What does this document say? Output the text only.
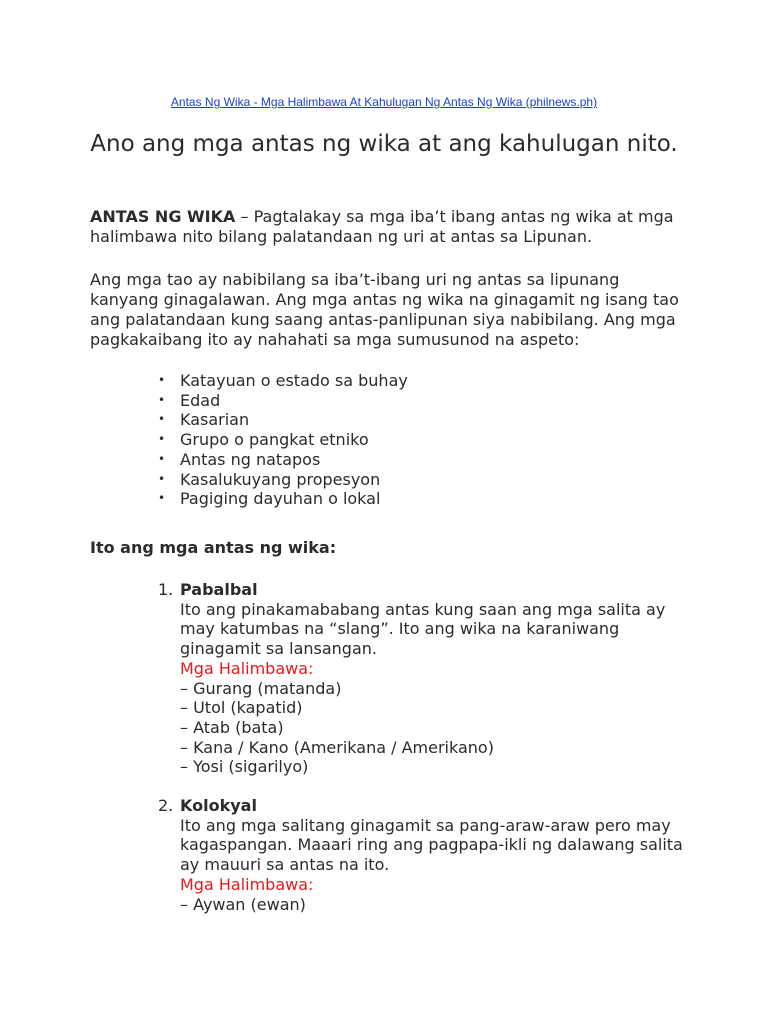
Antas Ng Wika - Mga Halimbawa At Kahulugan Ng Antas Ng Wika (philnews.ph)
Ano ang mga antas ng wika at ang kahulugan nito.

ANTAS NG WIKA – Pagtalakay sa mga iba’t ibang antas ng wika at mga halimbawa nito bilang palatandaan ng uri at antas sa Lipunan.

Ang mga tao ay nabibilang sa iba’t-ibang uri ng antas sa lipunang kanyang ginagalawan. Ang mga antas ng wika na ginagamit ng isang tao ang palatandaan kung saang antas-panlipunan siya nabibilang. Ang mga pagkakaibang ito ay nahahati sa mga sumusunod na aspeto:

• Katayuan o estado sa buhay
• Edad
• Kasarian
• Grupo o pangkat etniko
• Antas ng natapos
• Kasalukuyang propesyon
• Pagiging dayuhan o lokal

Ito ang mga antas ng wika:

1. Pabalbal
Ito ang pinakamababang antas kung saan ang mga salita ay may katumbas na “slang”. Ito ang wika na karaniwang ginagamit sa lansangan.
Mga Halimbawa:
– Gurang (matanda)
– Utol (kapatid)
– Atab (bata)
– Kana / Kano (Amerikana / Amerikano)
– Yosi (sigarilyo)
2. Kolokyal
Ito ang mga salitang ginagamit sa pang-araw-araw pero may kagaspangan. Maaari ring ang pagpapa-ikli ng dalawang salita ay mauuri sa antas na ito.
Mga Halimbawa:
– Aywan (ewan)
